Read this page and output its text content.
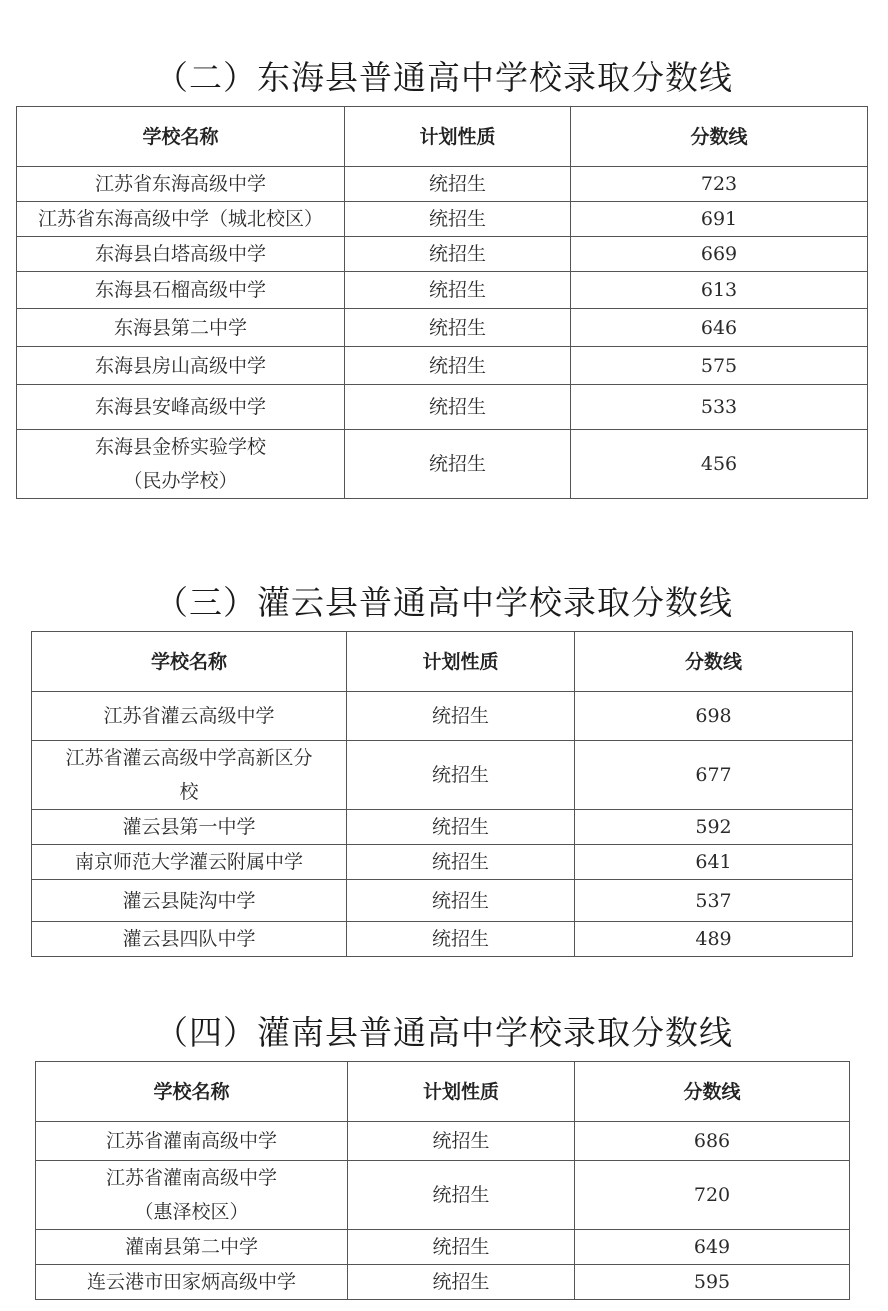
（二）东海县普通高中学校录取分数线
学校名称	计划性质	分数线
江苏省东海高级中学	统招生	723
江苏省东海高级中学（城北校区）	统招生	691
东海县白塔高级中学	统招生	669
东海县石榴高级中学	统招生	613
东海县第二中学	统招生	646
东海县房山高级中学	统招生	575
东海县安峰高级中学	统招生	533

东海县金桥实验学校
（民办学校）	统招生	456
（三）灌云县普通高中学校录取分数线
学校名称	计划性质	分数线
江苏省灌云高级中学	统招生	698

江苏省灌云高级中学高新区分
校	统招生	677
灌云县第一中学	统招生	592
南京师范大学灌云附属中学	统招生	641
灌云县陡沟中学	统招生	537
灌云县四队中学	统招生	489
（四）灌南县普通高中学校录取分数线
学校名称	计划性质	分数线
江苏省灌南高级中学	统招生	686

江苏省灌南高级中学
（惠泽校区）	统招生	720
灌南县第二中学	统招生	649
连云港市田家炳高级中学	统招生	595
